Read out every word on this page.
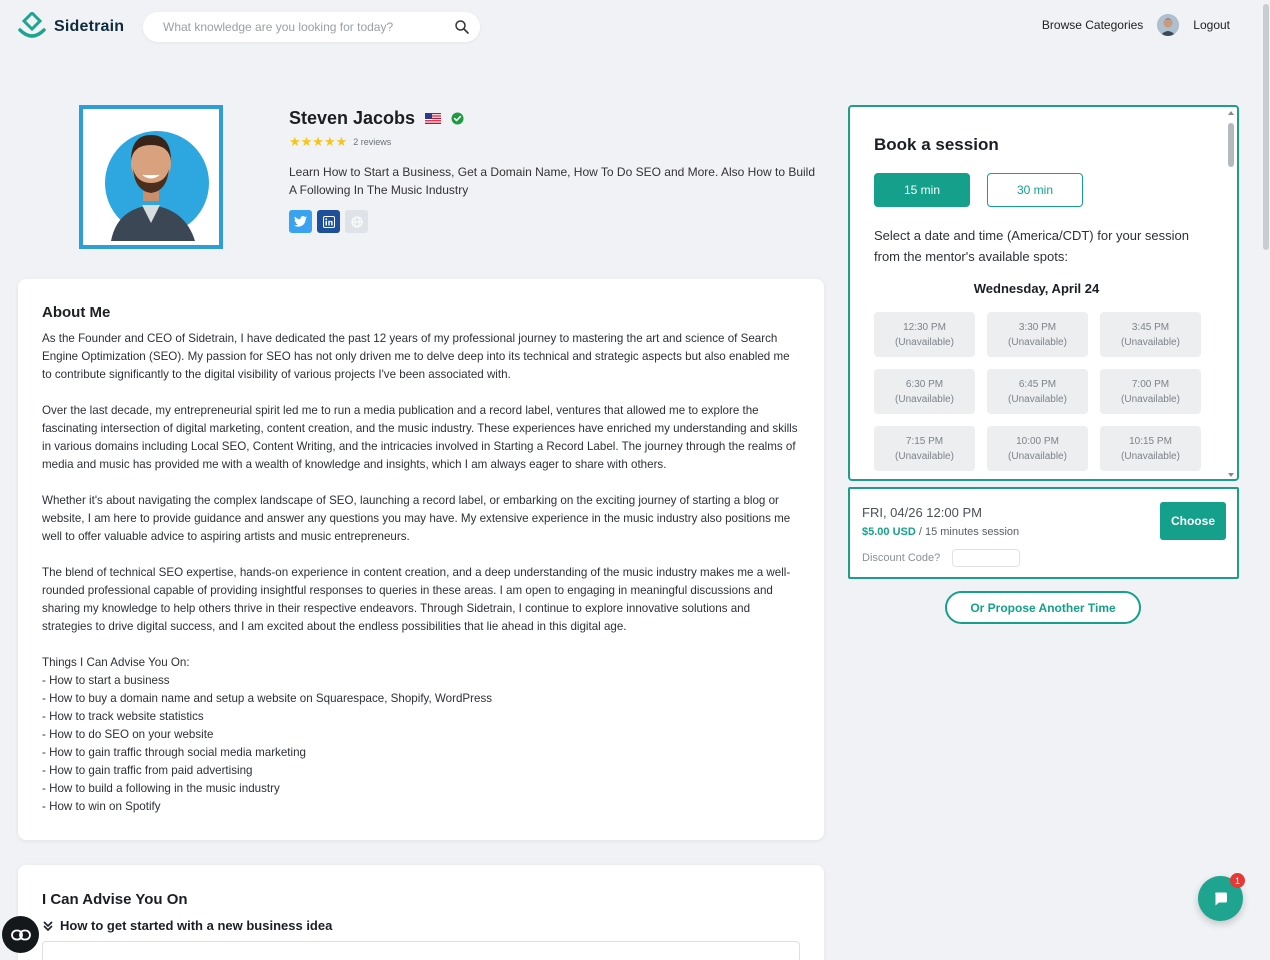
Sidetrain
What knowledge are you looking for today?	Browse Categories	Logout
Steven Jacobs
★★★★★ 2 reviews
Learn How to Start a Business, Get a Domain Name, How To Do SEO and More. Also How to Build A Following In The Music Industry
About Me

As the Founder and CEO of Sidetrain, I have dedicated the past 12 years of my professional journey to mastering the art and science of Search Engine Optimization (SEO). My passion for SEO has not only driven me to delve deep into its technical and strategic aspects but also enabled me to contribute significantly to the digital visibility of various projects I've been associated with.

Over the last decade, my entrepreneurial spirit led me to run a media publication and a record label, ventures that allowed me to explore the fascinating intersection of digital marketing, content creation, and the music industry. These experiences have enriched my understanding and skills in various domains including Local SEO, Content Writing, and the intricacies involved in Starting a Record Label. The journey through the realms of media and music has provided me with a wealth of knowledge and insights, which I am always eager to share with others.

Whether it's about navigating the complex landscape of SEO, launching a record label, or embarking on the exciting journey of starting a blog or website, I am here to provide guidance and answer any questions you may have. My extensive experience in the music industry also positions me well to offer valuable advice to aspiring artists and music entrepreneurs.

The blend of technical SEO expertise, hands-on experience in content creation, and a deep understanding of the music industry makes me a well-rounded professional capable of providing insightful responses to queries in these areas. I am open to engaging in meaningful discussions and sharing my knowledge to help others thrive in their respective endeavors. Through Sidetrain, I continue to explore innovative solutions and strategies to drive digital success, and I am excited about the endless possibilities that lie ahead in this digital age.

Things I Can Advise You On:
- How to start a business
- How to buy a domain name and setup a website on Squarespace, Shopify, WordPress
- How to track website statistics
- How to do SEO on your website
- How to gain traffic through social media marketing
- How to gain traffic from paid advertising
- How to build a following in the music industry
- How to win on Spotify
I Can Advise You On
How to get started with a new business idea
Book a session
15 min	30 min
Select a date and time (America/CDT) for your session from the mentor's available spots:
Wednesday, April 24
12:30 PM
(Unavailable)
3:30 PM
(Unavailable)
3:45 PM
(Unavailable)
6:30 PM
(Unavailable)
6:45 PM
(Unavailable)
7:00 PM
(Unavailable)
7:15 PM
(Unavailable)
10:00 PM
(Unavailable)
10:15 PM
(Unavailable)
FRI, 04/26 12:00 PM
$5.00 USD / 15 minutes session
Discount Code?
Choose
Or Propose Another Time
1
